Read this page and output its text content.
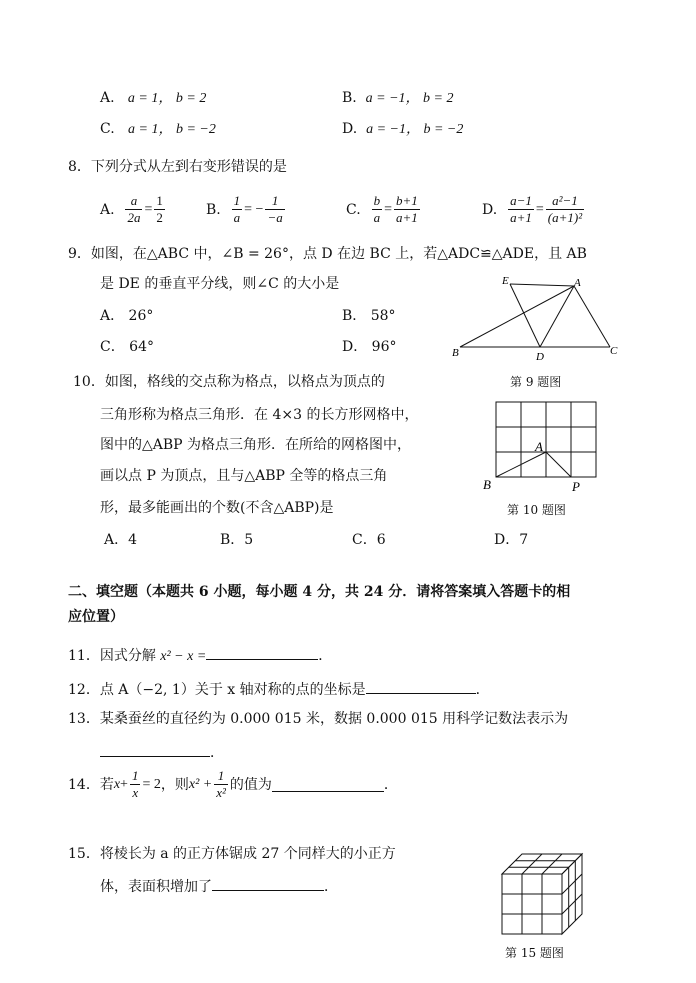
A. a = 1， b = 2	B. a = −1， b = 2
C. a = 1， b = −2	D. a = −1， b = −2
8．下列分式从左到右变形错误的是
A.
$\frac{a}{2a} = \frac{1}{2}$	B.
$\frac{1}{a}$ = − $\frac{1}{-a}$	C.
$\frac{b}{a} = \frac{b+1}{a+1}$	D.
$\frac{a-1}{a+1} = \frac{\text{a²−1}}{\text{(a+1)²}}$
9．如图，在△ABC 中，∠B = 26°，点 D 在边 BC 上，若△ADC≌△ADE，且 AB
是 DE 的垂直平分线，则∠C 的大小是
A． 26°	B． 58°
C． 64°	D． 96°
E	A
B	D	C
第 9 题图
10．如图，格线的交点称为格点，以格点为顶点的
三角形称为格点三角形．在 4×3 的长方形网格中，
图中的△ABP 为格点三角形．在所给的网格图中，
画以点 P 为顶点，且与△ABP 全等的格点三角
形，最多能画出的个数(不含△ABP)是
A．4	B．5	C．6	D．7
A
B	P
第 10 题图
二、填空题（本题共 6 小题，每小题 4 分，共 24 分．请将答案填入答题卡的相
应位置）
11．因式分解 x² − x =	．
12．点 A（−2, 1）关于 x 轴对称的点的坐标是	．
13．某桑蚕丝的直径约为 0.000 015 米，数据 0.000 015 用科学记数法表示为
．
14．若 $x + \frac{1}{x} = 2$ ，则 $x^2 + \frac{1}{\text{x²}}$ 的值为	．
15．将棱长为 a 的正方体锯成 27 个同样大的小正方
体，表面积增加了	．
第 15 题图
